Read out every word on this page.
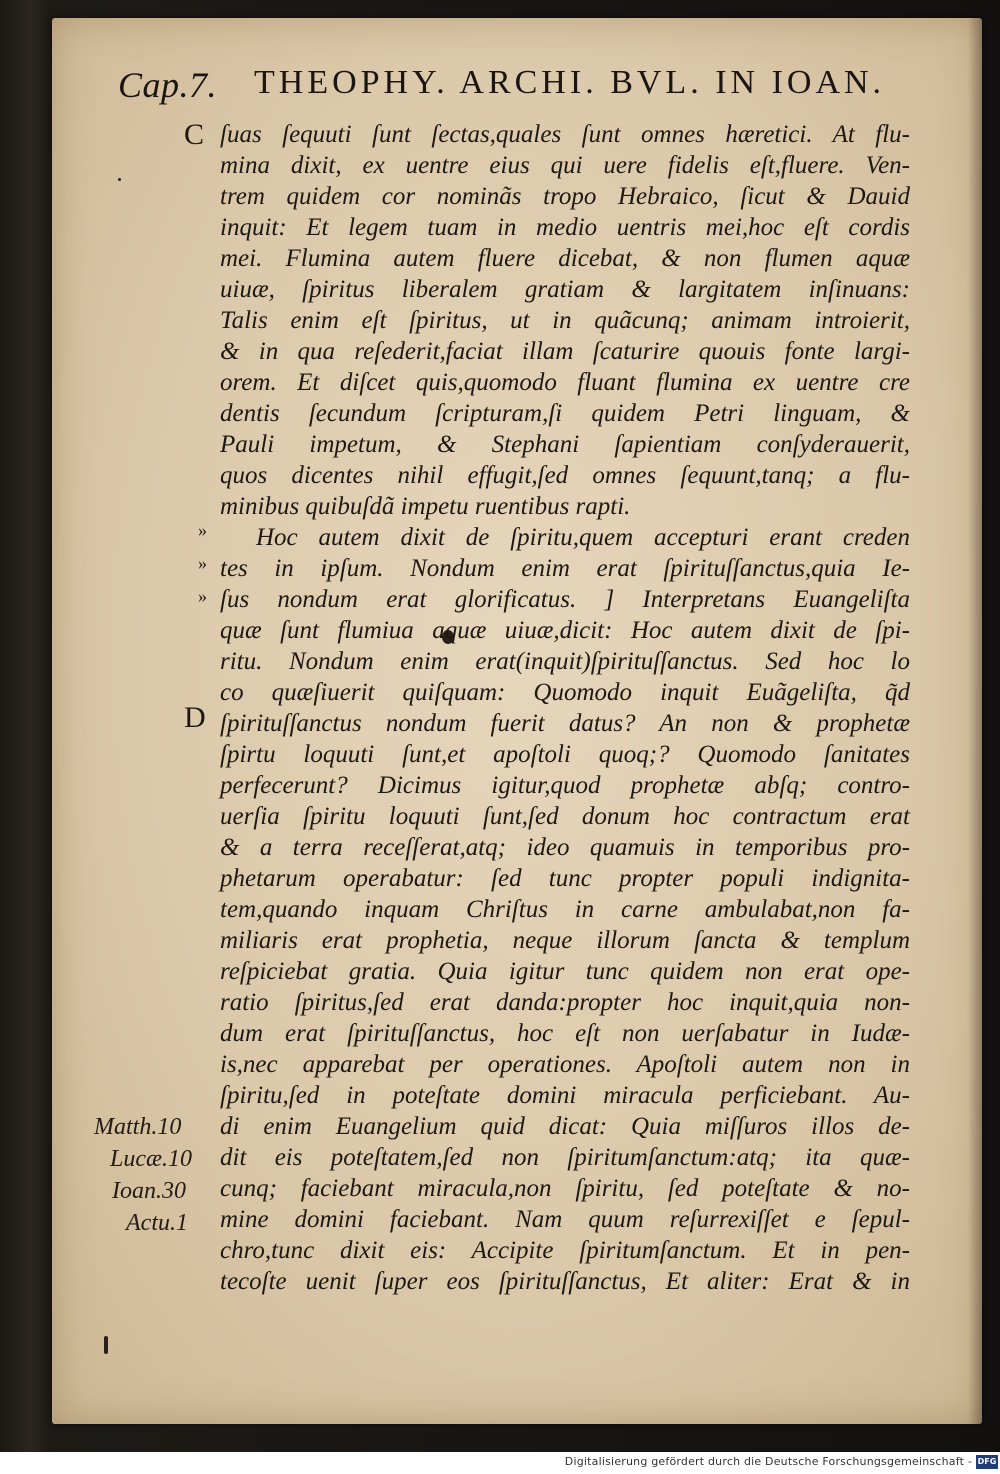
Cap.7. THEOPHY. ARCHI. BVL. IN IOAN.
C
D
»
»
»
Matth.10
Lucæ.10
Ioan.30
Actu.1
ſuas ſequuti ſunt ſectas,quales ſunt omnes hæretici. At flu-
mina dixit, ex uentre eius qui uere fidelis eſt,fluere. Ven-
trem quidem cor nominãs tropo Hebraico, ſicut & Dauid
inquit: Et legem tuam in medio uentris mei,hoc eſt cordis
mei. Flumina autem fluere dicebat, & non flumen aquæ
uiuæ, ſpiritus liberalem gratiam & largitatem inſinuans:
Talis enim eſt ſpiritus, ut in quãcunq; animam introierit,
& in qua reſederit,faciat illam ſcaturire quouis fonte largi-
orem. Et diſcet quis,quomodo fluant flumina ex uentre cre
dentis ſecundum ſcripturam,ſi quidem Petri linguam, &
Pauli impetum, & Stephani ſapientiam conſyderauerit,
quos dicentes nihil effugit,ſed omnes ſequunt,tanq; a flu-
minibus quibuſdã impetu ruentibus rapti.
Hoc autem dixit de ſpiritu,quem accepturi erant creden
tes in ipſum. Nondum enim erat ſpirituſſanctus,quia Ie-
ſus nondum erat glorificatus. ] Interpretans Euangeliſta
quæ ſunt flumiua aquæ uiuæ,dicit: Hoc autem dixit de ſpi-
ritu. Nondum enim erat(inquit)ſpirituſſanctus. Sed hoc lo
co quæſiuerit quiſquam: Quomodo inquit Euãgeliſta, q̃d
ſpirituſſanctus nondum fuerit datus? An non & prophetæ
ſpirtu loquuti ſunt,et apoſtoli quoq;? Quomodo ſanitates
perfecerunt? Dicimus igitur,quod prophetæ abſq; contro-
uerſia ſpiritu loquuti ſunt,ſed donum hoc contractum erat
& a terra receſſerat,atq; ideo quamuis in temporibus pro-
phetarum operabatur: ſed tunc propter populi indignita-
tem,quando inquam Chriſtus in carne ambulabat,non fa-
miliaris erat prophetia, neque illorum ſancta & templum
reſpiciebat gratia. Quia igitur tunc quidem non erat ope-
ratio ſpiritus,ſed erat danda:propter hoc inquit,quia non-
dum erat ſpirituſſanctus, hoc eſt non uerſabatur in Iudæ-
is,nec apparebat per operationes. Apoſtoli autem non in
ſpiritu,ſed in poteſtate domini miracula perficiebant. Au-
di enim Euangelium quid dicat: Quia miſſuros illos de-
dit eis poteſtatem,ſed non ſpiritumſanctum:atq; ita quæ-
cunq; faciebant miracula,non ſpiritu, ſed poteſtate & no-
mine domini faciebant. Nam quum reſurrexiſſet e ſepul-
chro,tunc dixit eis: Accipite ſpiritumſanctum. Et in pen-
tecoſte uenit ſuper eos ſpirituſſanctus, Et aliter: Erat & in
Digitalisierung gefördert durch die Deutsche Forschungsgemeinschaft - DFG
